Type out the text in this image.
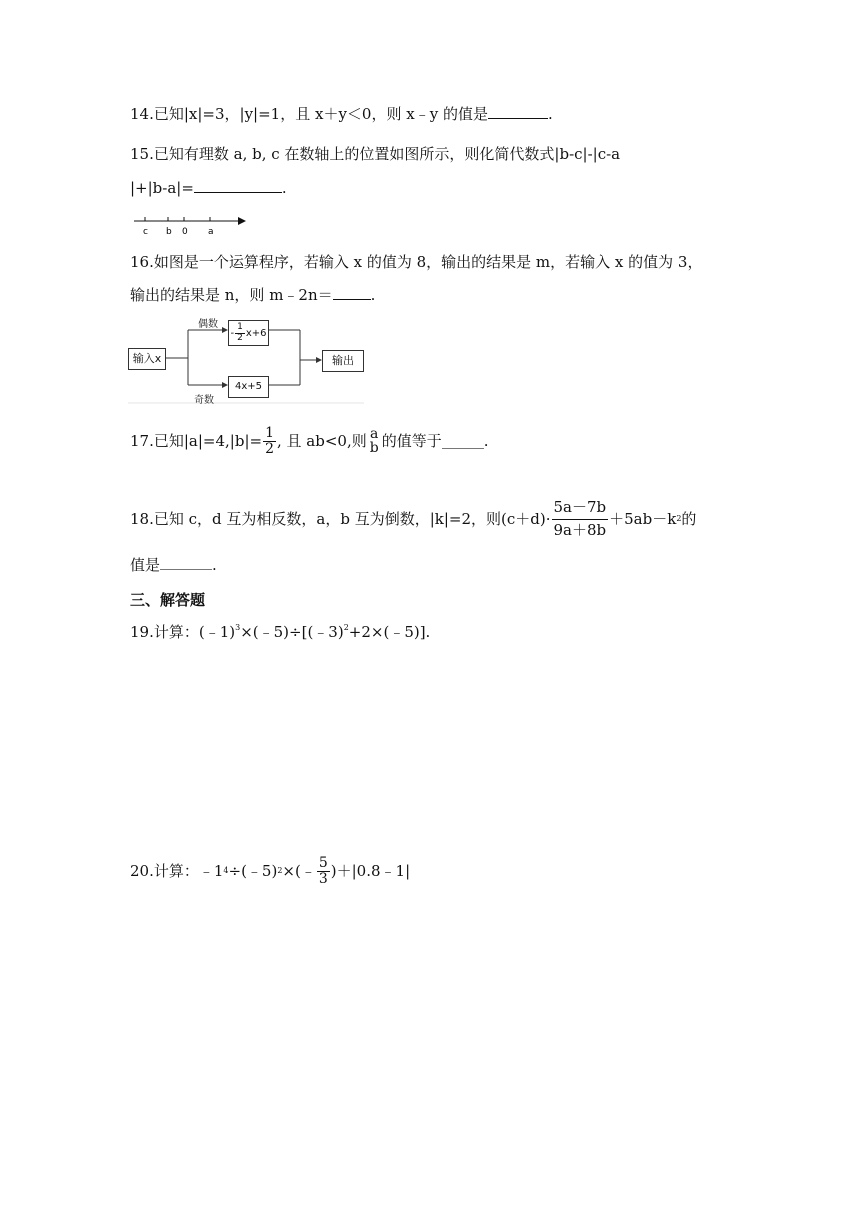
14.已知|x|=3，|y|=1，且 x＋y＜0，则 x﹣y 的值是	.
15.已知有理数 a, b, c 在数轴上的位置如图所示，则化简代数式|b-c|-|c-a
|+|b-a|=	.
c b 0 a
16.如图是一个运算程序，若输入 x 的值为 8，输出的结果是 m，若输入 x 的值为 3，
输出的结果是 n，则 m﹣2n＝	.
输入x
偶数
奇数
- $\frac{1}{2} x+6$
4x+5
输出
17.已知$|a|=4,|b|= \frac{1}{2}$ , 且 ab<0,则 a
b 的值等于	.
18.已知 c，d 互为相反数，a，b 互为倒数，|k|=2，则$(c+d)\cdot \frac{5a-7b}{9a+8b} +5ab-k$ 2 的
值是	.
三、解答题
19.计算：(﹣1)$^3$×(﹣5)÷[(﹣3)$^2$+2×(﹣5)].
20.计算：﹣1 4 ÷(﹣5) 2 ×(﹣ $\frac{5}{3}$ )＋|0.8﹣1|
